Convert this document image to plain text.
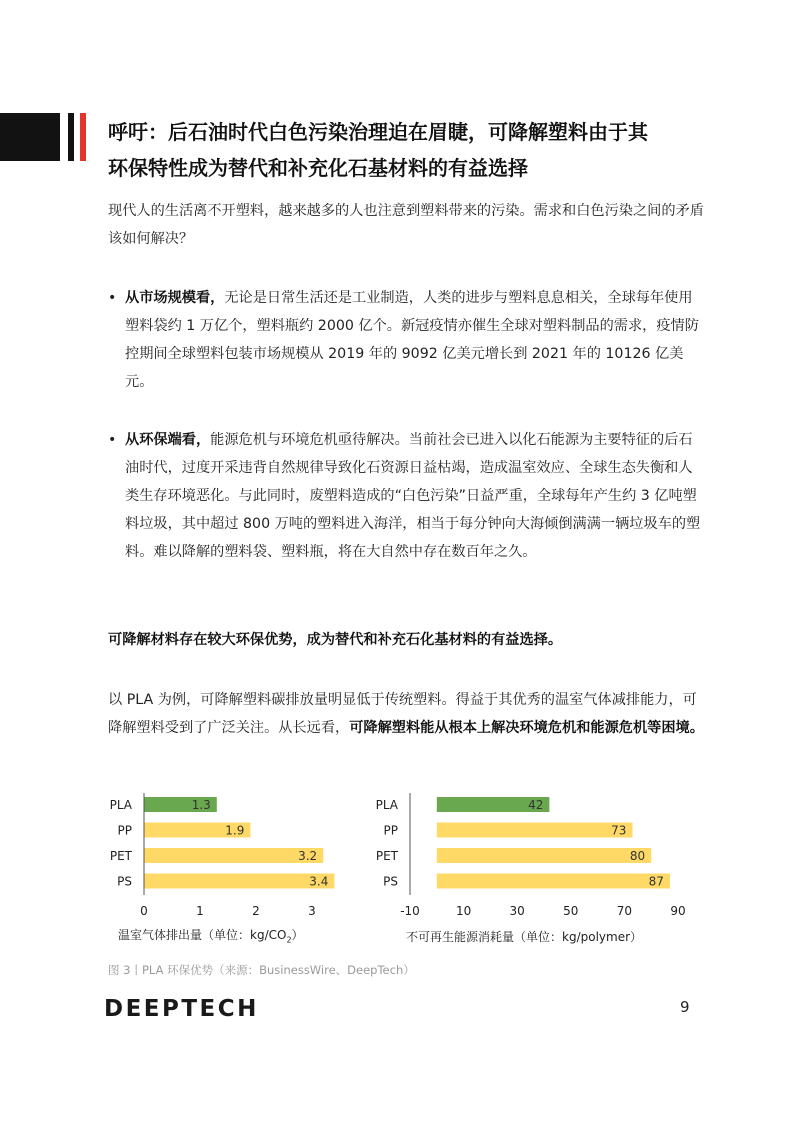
呼吁：后石油时代白色污染治理迫在眉睫，可降解塑料由于其
环保特性成为替代和补充化石基材料的有益选择
现代人的生活离不开塑料，越来越多的人也注意到塑料带来的污染。需求和白色污染之间的矛盾该如何解决？
• 从市场规模看，无论是日常生活还是工业制造，人类的进步与塑料息息相关，全球每年使用塑料袋约 1 万亿个，塑料瓶约 2000 亿个。新冠疫情亦催生全球对塑料制品的需求，疫情防控期间全球塑料包装市场规模从 2019 年的 9092 亿美元增长到 2021 年的 10126 亿美元。
• 从环保端看，能源危机与环境危机亟待解决。当前社会已进入以化石能源为主要特征的后石油时代，过度开采违背自然规律导致化石资源日益枯竭，造成温室效应、全球生态失衡和人类生存环境恶化。与此同时，废塑料造成的“白色污染”日益严重，全球每年产生约 3 亿吨塑料垃圾，其中超过 800 万吨的塑料进入海洋，相当于每分钟向大海倾倒满满一辆垃圾车的塑料。难以降解的塑料袋、塑料瓶，将在大自然中存在数百年之久。
可降解材料存在较大环保优势，成为替代和补充石化基材料的有益选择。
以 PLA 为例，可降解塑料碳排放量明显低于传统塑料。得益于其优秀的温室气体减排能力，可降解塑料受到了广泛关注。从长远看，可降解塑料能从根本上解决环境危机和能源危机等困境。
PLA	1.3
PP	1.9
PET	3.2
PS	3.4
0	1	2	3
温室气体排出量（单位：$kg/CO_2$）
PLA	42
PP	73
PET	80
PS	87
-10	10	30	50	70	90
不可再生能源消耗量（单位：kg/polymer）
图 3丨PLA 环保优势（来源：BusinessWire、DeepTech）
DEEPTECH	9
